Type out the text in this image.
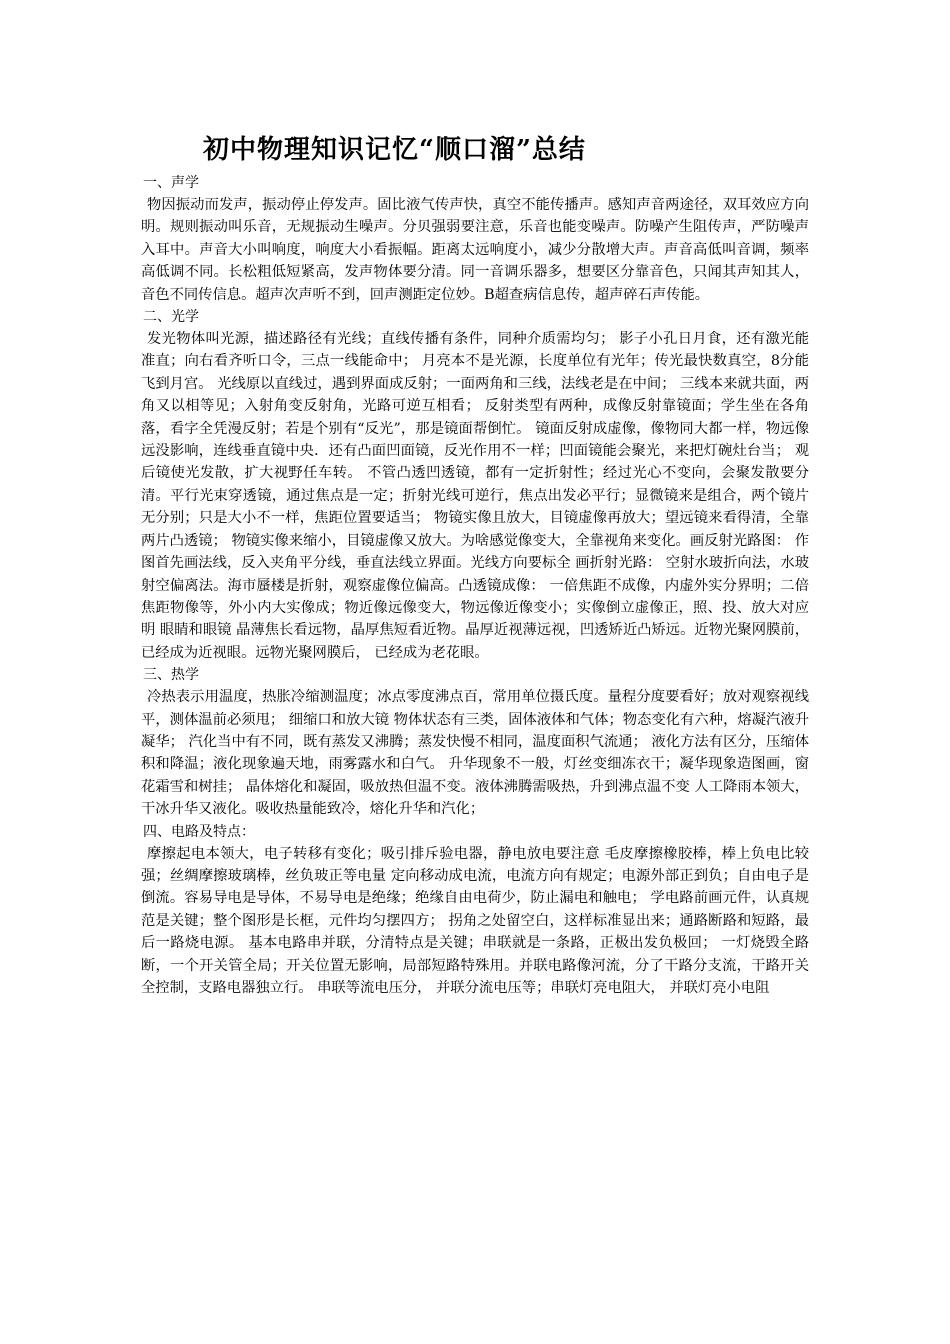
初中物理知识记忆“顺口溜”总结
一、声学

物因振动而发声，振动停止停发声。固比液气传声快，真空不能传播声。感知声音两途径，双耳效应方向明。规则振动叫乐音，无规振动生噪声。分贝强弱要注意，乐音也能变噪声。防噪产生阻传声，严防噪声入耳中。声音大小叫响度，响度大小看振幅。距离太远响度小，减少分散增大声。声音高低叫音调，频率高低调不同。长松粗低短紧高，发声物体要分清。同一音调乐器多，想要区分靠音色，只闻其声知其人，音色不同传信息。超声次声听不到，回声测距定位妙。B超查病信息传，超声碎石声传能。

二、光学

发光物体叫光源，描述路径有光线；直线传播有条件，同种介质需均匀； 影子小孔日月食，还有激光能准直；向右看齐听口令，三点一线能命中； 月亮本不是光源，长度单位有光年；传光最快数真空，8分能飞到月宫。 光线原以直线过，遇到界面成反射；一面两角和三线，法线老是在中间； 三线本来就共面，两角又以相等见；入射角变反射角，光路可逆互相看； 反射类型有两种，成像反射靠镜面；学生坐在各角落，看字全凭漫反射；若是个别有“反光”，那是镜面帮倒忙。 镜面反射成虚像，像物同大都一样，物远像远没影响，连线垂直镜中央．还有凸面凹面镜，反光作用不一样；凹面镜能会聚光，来把灯碗灶台当； 观后镜使光发散，扩大视野任车转。 不管凸透凹透镜，都有一定折射性；经过光心不变向，会聚发散要分清。平行光束穿透镜，通过焦点是一定；折射光线可逆行，焦点出发必平行；显微镜来是组合，两个镜片无分别；只是大小不一样，焦距位置要适当； 物镜实像且放大，目镜虚像再放大；望远镜来看得清，全靠两片凸透镜； 物镜实像来缩小，目镜虚像又放大。为啥感觉像变大，全靠视角来变化。画反射光路图： 作图首先画法线，反入夹角平分线，垂直法线立界面。光线方向要标全 画折射光路： 空射水玻折向法，水玻射空偏离法。海市蜃楼是折射，观察虚像位偏高。凸透镜成像： 一倍焦距不成像，内虚外实分界明；二倍焦距物像等，外小内大实像成；物近像远像变大，物远像近像变小；实像倒立虚像正，照、投、放大对应明 眼睛和眼镜 晶薄焦长看远物，晶厚焦短看近物。晶厚近视薄远视，凹透矫近凸矫远。近物光聚网膜前，已经成为近视眼。远物光聚网膜后， 已经成为老花眼。

三、热学

冷热表示用温度，热胀冷缩测温度；冰点零度沸点百，常用单位摄氏度。量程分度要看好；放对观察视线平，测体温前必须甩； 细缩口和放大镜 物体状态有三类，固体液体和气体；物态变化有六种，熔凝汽液升凝华； 汽化当中有不同，既有蒸发又沸腾；蒸发快慢不相同，温度面积气流通； 液化方法有区分，压缩体积和降温；液化现象遍天地，雨雾露水和白气。 升华现象不一般，灯丝变细冻衣干；凝华现象造图画，窗花霜雪和树挂； 晶体熔化和凝固，吸放热但温不变。液体沸腾需吸热，升到沸点温不变 人工降雨本领大，干冰升华又液化。吸收热量能致冷，熔化升华和汽化；

四、电路及特点：

摩擦起电本领大，电子转移有变化；吸引排斥验电器，静电放电要注意 毛皮摩擦橡胶棒，棒上负电比较强；丝绸摩擦玻璃棒，丝负玻正等电量 定向移动成电流，电流方向有规定；电源外部正到负；自由电子是倒流。容易导电是导体，不易导电是绝缘；绝缘自由电荷少，防止漏电和触电； 学电路前画元件，认真规范是关键；整个图形是长框，元件均匀摆四方； 拐角之处留空白，这样标准显出来；通路断路和短路，最后一路烧电源。 基本电路串并联，分清特点是关键；串联就是一条路，正极出发负极回； 一灯烧毁全路断，一个开关管全局；开关位置无影响，局部短路特殊用。并联电路像河流，分了干路分支流，干路开关全控制，支路电器独立行。 串联等流电压分， 并联分流电压等；串联灯亮电阻大， 并联灯亮小电阻
